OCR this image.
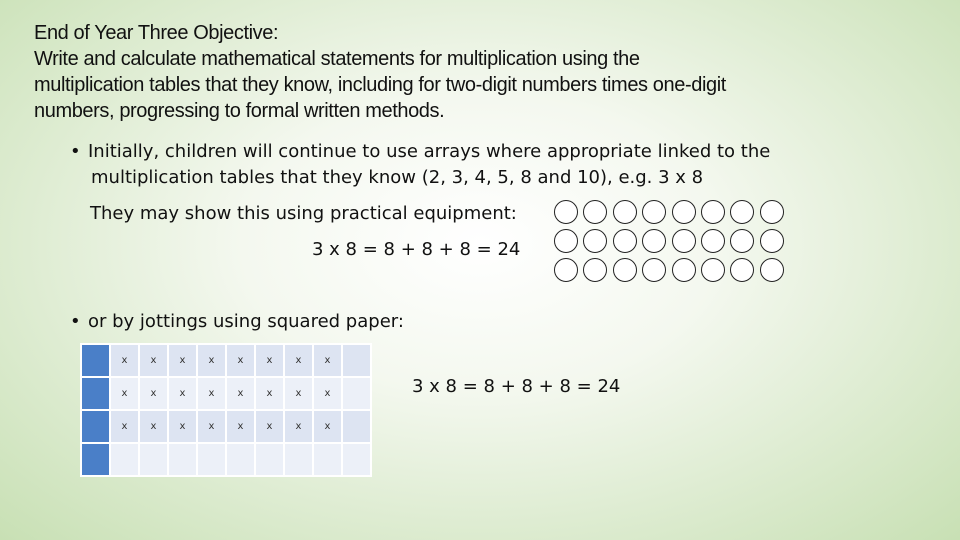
End of Year Three Objective:
Write and calculate mathematical statements for multiplication using the
multiplication tables that they know, including for two-digit numbers times one-digit
numbers, progressing to formal written methods.
• Initially, children will continue to use arrays where appropriate linked to the
multiplication tables that they know (2, 3, 4, 5, 8 and 10), e.g. 3 x 8
They may show this using practical equipment:
3 x 8 = 8 + 8 + 8 = 24
• or by jottings using squared paper:
	x	x	x	x	x	x	x	x	
	x	x	x	x	x	x	x	x	
	x	x	x	x	x	x	x	x	

3 x 8 = 8 + 8 + 8 = 24
